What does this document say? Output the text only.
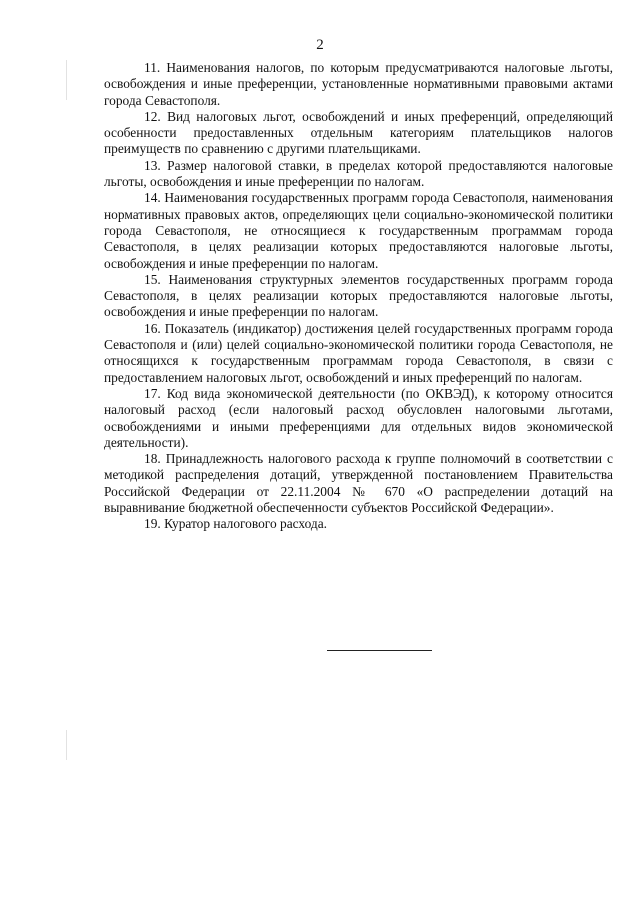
2

11. Наименования налогов, по которым предусматриваются налоговые льготы, освобождения и иные преференции, установленные нормативными правовыми актами города Севастополя.

12. Вид налоговых льгот, освобождений и иных преференций, определяющий особенности предоставленных отдельным категориям плательщиков налогов преимуществ по сравнению с другими плательщиками.

13. Размер налоговой ставки, в пределах которой предоставляются налоговые льготы, освобождения и иные преференции по налогам.

14. Наименования государственных программ города Севастополя, наименования нормативных правовых актов, определяющих цели социально-экономической политики города Севастополя, не относящиеся к государственным программам города Севастополя, в целях реализации которых предоставляются налоговые льготы, освобождения и иные преференции по налогам.

15. Наименования структурных элементов государственных программ города Севастополя, в целях реализации которых предоставляются налоговые льготы, освобождения и иные преференции по налогам.

16. Показатель (индикатор) достижения целей государственных программ города Севастополя и (или) целей социально-экономической политики города Севастополя, не относящихся к государственным программам города Севастополя, в связи с предоставлением налоговых льгот, освобождений и иных преференций по налогам.

17. Код вида экономической деятельности (по ОКВЭД), к которому относится налоговый расход (если налоговый расход обусловлен налоговыми льготами, освобождениями и иными преференциями для отдельных видов экономической деятельности).

18. Принадлежность налогового расхода к группе полномочий в соответствии с методикой распределения дотаций, утвержденной постановлением Правительства Российской Федерации от 22.11.2004 № 670 «О распределении дотаций на выравнивание бюджетной обеспеченности субъектов Российской Федерации».

19. Куратор налогового расхода.
